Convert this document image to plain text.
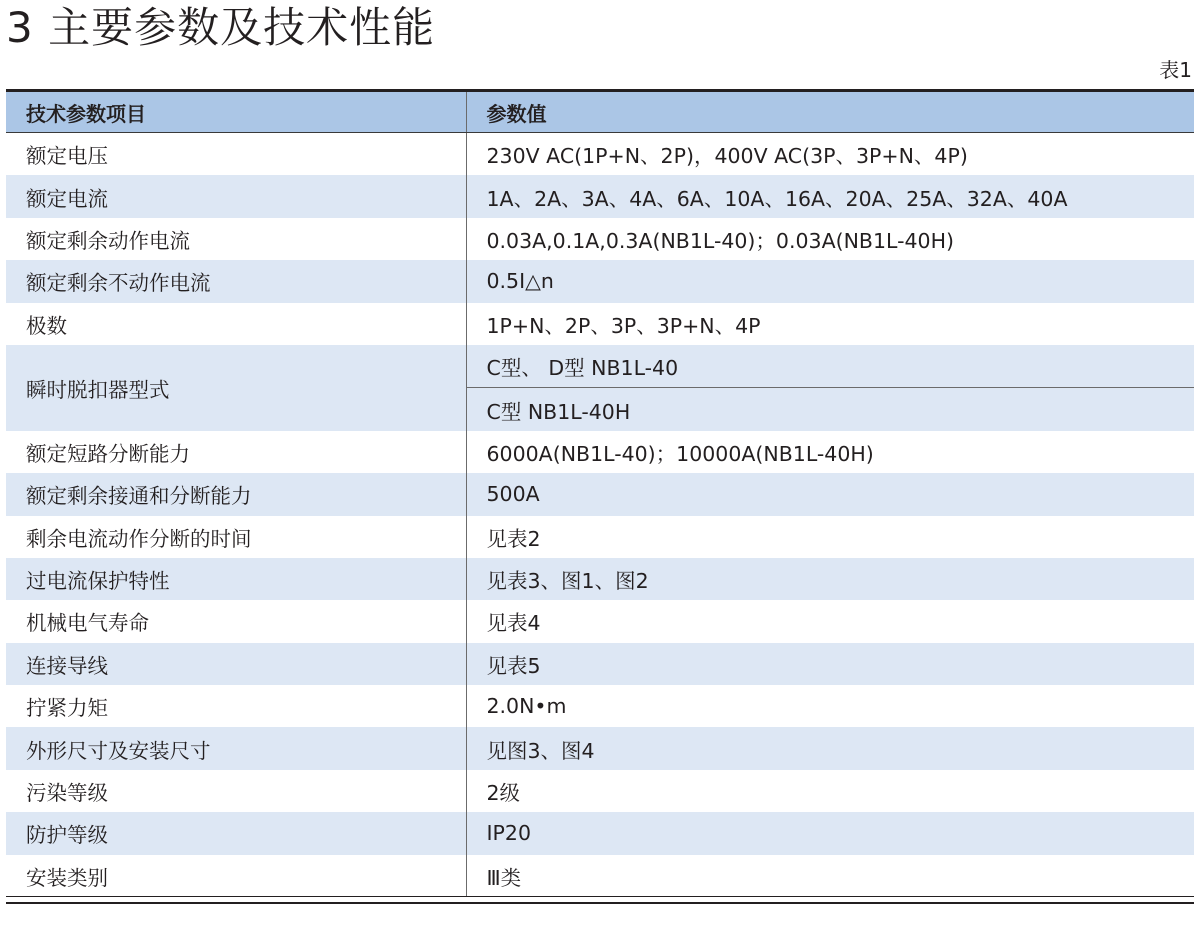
3 主要参数及技术性能
表1
技术参数项目	参数值
额定电压	230V AC(1P+N、2P)，400V AC(3P、3P+N、4P)
额定电流	1A、2A、3A、4A、6A、10A、16A、20A、25A、32A、40A
额定剩余动作电流	0.03A,0.1A,0.3A(NB1L-40)；0.03A(NB1L-40H)
额定剩余不动作电流	0.5I△n
极数	1P+N、2P、3P、3P+N、4P
瞬时脱扣器型式	C型、 D型 NB1L-40
	C型 NB1L-40H
额定短路分断能力	6000A(NB1L-40)；10000A(NB1L-40H)
额定剩余接通和分断能力	500A
剩余电流动作分断的时间	见表2
过电流保护特性	见表3、图1、图2
机械电气寿命	见表4
连接导线	见表5
拧紧力矩	2.0N•m
外形尺寸及安装尺寸	见图3、图4
污染等级	2级
防护等级	IP20
安装类别	Ⅲ类
